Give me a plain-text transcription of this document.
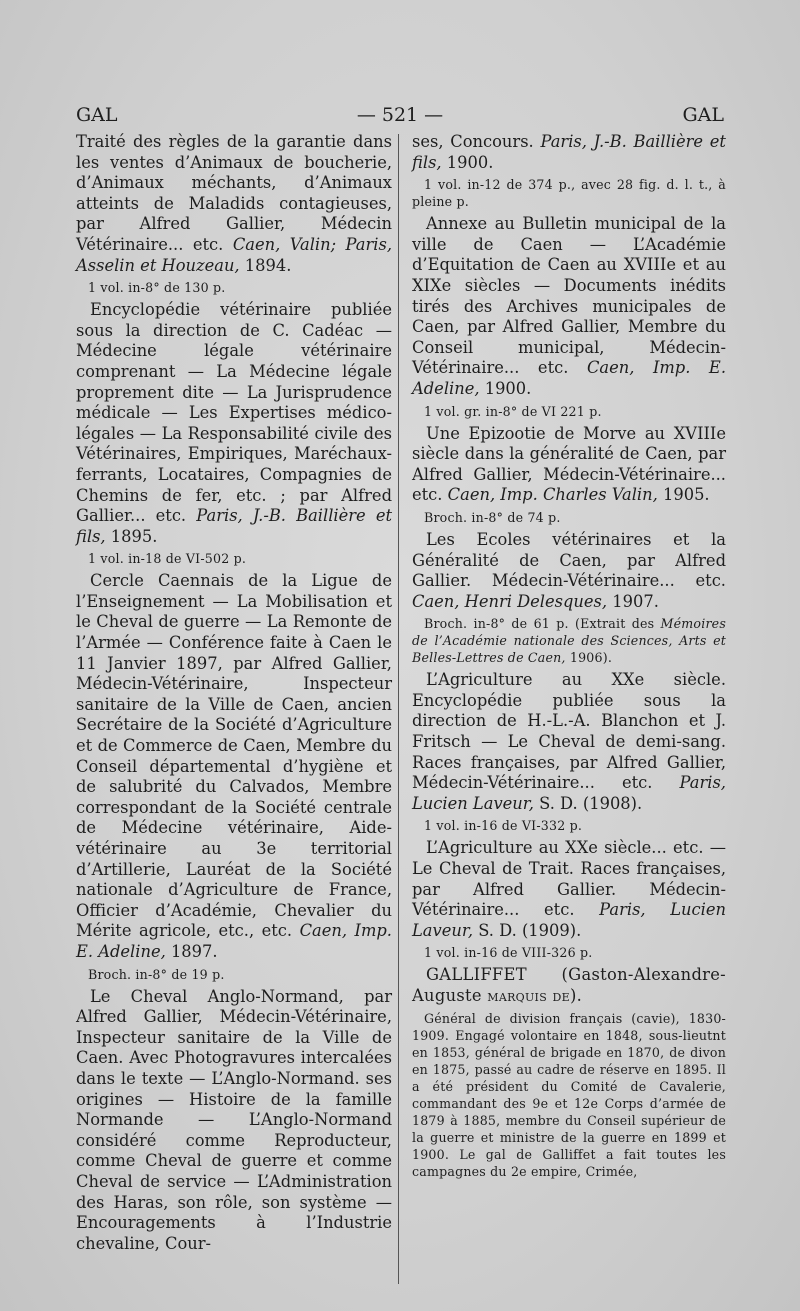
GAL	— 521 —	GAL

Traité des règles de la garantie dans les ventes d’Animaux de boucherie, d’Animaux méchants, d’Animaux atteints de Maladids contagieuses, par Alfred Gallier, Médecin Vétérinaire... etc. Caen, Valin; Paris, Asselin et Houzeau, 1894.

1 vol. in-8° de 130 p.

Encyclopédie vétérinaire publiée sous la direction de C. Cadéac — Médecine légale vétérinaire comprenant — La Médecine légale proprement dite — La Jurisprudence médicale — Les Expertises médico-légales — La Responsabilité civile des Vétérinaires, Empiriques, Maréchaux-ferrants, Locataires, Compagnies de Chemins de fer, etc. ; par Alfred Gallier... etc. Paris, J.-B. Baillière et fils, 1895.

1 vol. in-18 de VI-502 p.

Cercle Caennais de la Ligue de l’Enseignement — La Mobilisation et le Cheval de guerre — La Remonte de l’Armée — Conférence faite à Caen le 11 Janvier 1897, par Alfred Gallier, Médecin-Vétérinaire, Inspecteur sanitaire de la Ville de Caen, ancien Secrétaire de la Société d’Agriculture et de Commerce de Caen, Membre du Conseil départemental d’hygiène et de salubrité du Calvados, Membre correspondant de la Société centrale de Médecine vétérinaire, Aide-vétérinaire au 3e territorial d’Artillerie, Lauréat de la Société nationale d’Agriculture de France, Officier d’Académie, Chevalier du Mérite agricole, etc., etc. Caen, Imp. E. Adeline, 1897.

Broch. in-8° de 19 p.

Le Cheval Anglo-Normand, par Alfred Gallier, Médecin-Vétérinaire, Inspecteur sanitaire de la Ville de Caen. Avec Photogravures intercalées dans le texte — L’Anglo-Normand. ses origines — Histoire de la famille Normande — L’Anglo-Normand considéré comme Reproducteur, comme Cheval de guerre et comme Cheval de service — L’Administration des Haras, son rôle, son système — Encouragements à l’Industrie chevaline, Cour-

ses, Concours. Paris, J.-B. Baillière et fils, 1900.

1 vol. in-12 de 374 p., avec 28 fig. d. l. t., à pleine p.

Annexe au Bulletin municipal de la ville de Caen — L’Académie d’Equitation de Caen au XVIIIe et au XIXe siècles — Documents inédits tirés des Archives municipales de Caen, par Alfred Gallier, Membre du Conseil municipal, Médecin-Vétérinaire... etc. Caen, Imp. E. Adeline, 1900.

1 vol. gr. in-8° de VI 221 p.

Une Epizootie de Morve au XVIIIe siècle dans la généralité de Caen, par Alfred Gallier, Médecin-Vétérinaire... etc. Caen, Imp. Charles Valin, 1905.

Broch. in-8° de 74 p.

Les Ecoles vétérinaires et la Généralité de Caen, par Alfred Gallier. Médecin-Vétérinaire... etc. Caen, Henri Delesques, 1907.

Broch. in-8° de 61 p. (Extrait des Mémoires de l’Académie nationale des Sciences, Arts et Belles-Lettres de Caen, 1906).

L’Agriculture au XXe siècle. Encyclopédie publiée sous la direction de H.-L.-A. Blanchon et J. Fritsch — Le Cheval de demi-sang. Races françaises, par Alfred Gallier, Médecin-Vétérinaire... etc. Paris, Lucien Laveur, S. D. (1908).

1 vol. in-16 de VI-332 p.

L’Agriculture au XXe siècle... etc. — Le Cheval de Trait. Races françaises, par Alfred Gallier. Médecin-Vétérinaire... etc. Paris, Lucien Laveur, S. D. (1909).

1 vol. in-16 de VIII-326 p.

GALLIFFET (Gaston-Alexandre-Auguste marquis de).

Général de division français (cavie), 1830-1909. Engagé volontaire en 1848, sous-lieutnt en 1853, général de brigade en 1870, de divon en 1875, passé au cadre de réserve en 1895. Il a été président du Comité de Cavalerie, commandant des 9e et 12e Corps d’armée de 1879 à 1885, membre du Conseil supérieur de la guerre et ministre de la guerre en 1899 et 1900. Le gal de Galliffet a fait toutes les campagnes du 2e empire, Crimée,
